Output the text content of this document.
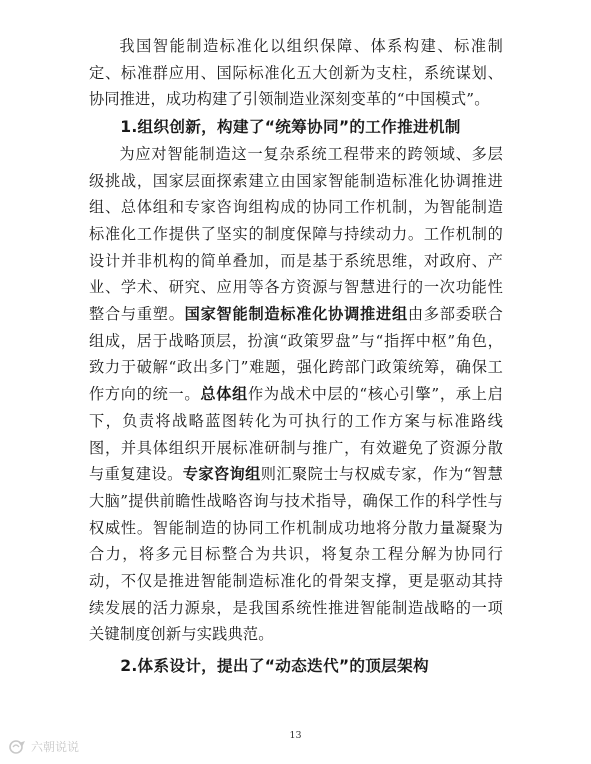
我国智能制造标准化以组织保障、体系构建、标准制定、标准群应用、国际标准化五大创新为支柱，系统谋划、协同推进，成功构建了引领制造业深刻变革的“中国模式”。

1.组织创新，构建了“统筹协同”的工作推进机制

为应对智能制造这一复杂系统工程带来的跨领域、多层级挑战，国家层面探索建立由国家智能制造标准化协调推进组、总体组和专家咨询组构成的协同工作机制，为智能制造标准化工作提供了坚实的制度保障与持续动力。工作机制的设计并非机构的简单叠加，而是基于系统思维，对政府、产业、学术、研究、应用等各方资源与智慧进行的一次功能性整合与重塑。国家智能制造标准化协调推进组由多部委联合组成，居于战略顶层，扮演“政策罗盘”与“指挥中枢”角色，致力于破解“政出多门”难题，强化跨部门政策统筹，确保工作方向的统一。总体组作为战术中层的“核心引擎”，承上启下，负责将战略蓝图转化为可执行的工作方案与标准路线图，并具体组织开展标准研制与推广，有效避免了资源分散与重复建设。专家咨询组则汇聚院士与权威专家，作为“智慧大脑”提供前瞻性战略咨询与技术指导，确保工作的科学性与权威性。智能制造的协同工作机制成功地将分散力量凝聚为合力，将多元目标整合为共识，将复杂工程分解为协同行动，不仅是推进智能制造标准化的骨架支撑，更是驱动其持续发展的活力源泉，是我国系统性推进智能制造战略的一项关键制度创新与实践典范。

2.体系设计，提出了“动态迭代”的顶层架构
13
六朝说说
